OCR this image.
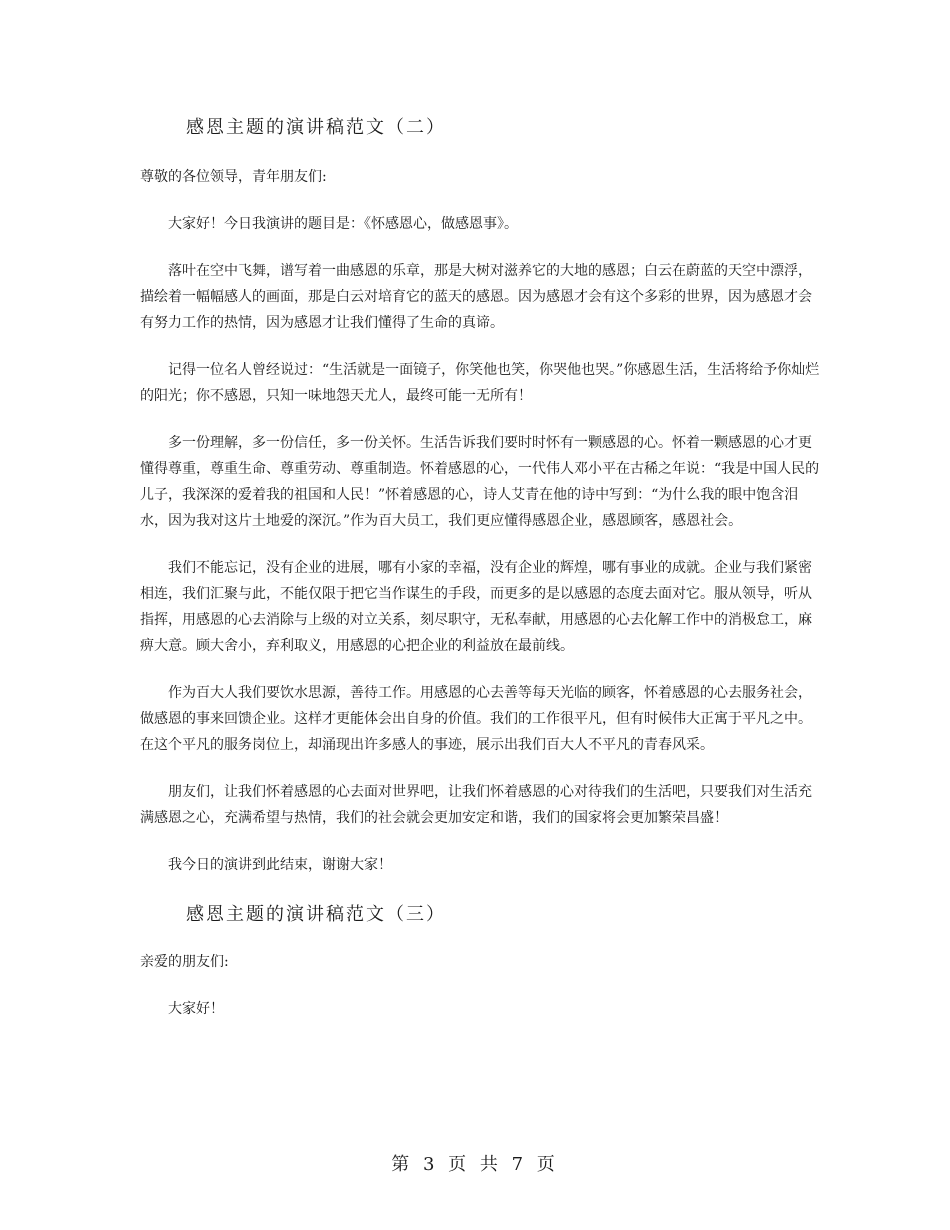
感恩主题的演讲稿范文（二）

尊敬的各位领导，青年朋友们:

大家好！今日我演讲的题目是：《怀感恩心，做感恩事》。

落叶在空中飞舞，谱写着一曲感恩的乐章，那是大树对滋养它的大地的感恩；白云在蔚蓝的天空中漂浮，描绘着一幅幅感人的画面，那是白云对培育它的蓝天的感恩。因为感恩才会有这个多彩的世界，因为感恩才会有努力工作的热情，因为感恩才让我们懂得了生命的真谛。

记得一位名人曾经说过：“生活就是一面镜子，你笑他也笑，你哭他也哭。”你感恩生活，生活将给予你灿烂的阳光；你不感恩，只知一味地怨天尤人，最终可能一无所有！

多一份理解，多一份信任，多一份关怀。生活告诉我们要时时怀有一颗感恩的心。怀着一颗感恩的心才更懂得尊重，尊重生命、尊重劳动、尊重制造。怀着感恩的心，一代伟人邓小平在古稀之年说：“我是中国人民的儿子，我深深的爱着我的祖国和人民！”怀着感恩的心，诗人艾青在他的诗中写到：“为什么我的眼中饱含泪水，因为我对这片土地爱的深沉。”作为百大员工，我们更应懂得感恩企业，感恩顾客，感恩社会。

我们不能忘记，没有企业的进展，哪有小家的幸福，没有企业的辉煌，哪有事业的成就。企业与我们紧密相连，我们汇聚与此，不能仅限于把它当作谋生的手段，而更多的是以感恩的态度去面对它。服从领导，听从指挥，用感恩的心去消除与上级的对立关系，刻尽职守，无私奉献，用感恩的心去化解工作中的消极怠工，麻痹大意。顾大舍小，弃利取义，用感恩的心把企业的利益放在最前线。

作为百大人我们要饮水思源，善待工作。用感恩的心去善等每天光临的顾客，怀着感恩的心去服务社会，做感恩的事来回馈企业。这样才更能体会出自身的价值。我们的工作很平凡，但有时候伟大正寓于平凡之中。在这个平凡的服务岗位上，却涌现出许多感人的事迹，展示出我们百大人不平凡的青春风采。

朋友们，让我们怀着感恩的心去面对世界吧，让我们怀着感恩的心对待我们的生活吧，只要我们对生活充满感恩之心，充满希望与热情，我们的社会就会更加安定和谐，我们的国家将会更加繁荣昌盛！

我今日的演讲到此结束，谢谢大家！

感恩主题的演讲稿范文（三）

亲爱的朋友们:

大家好！

第 3 页 共 7 页
